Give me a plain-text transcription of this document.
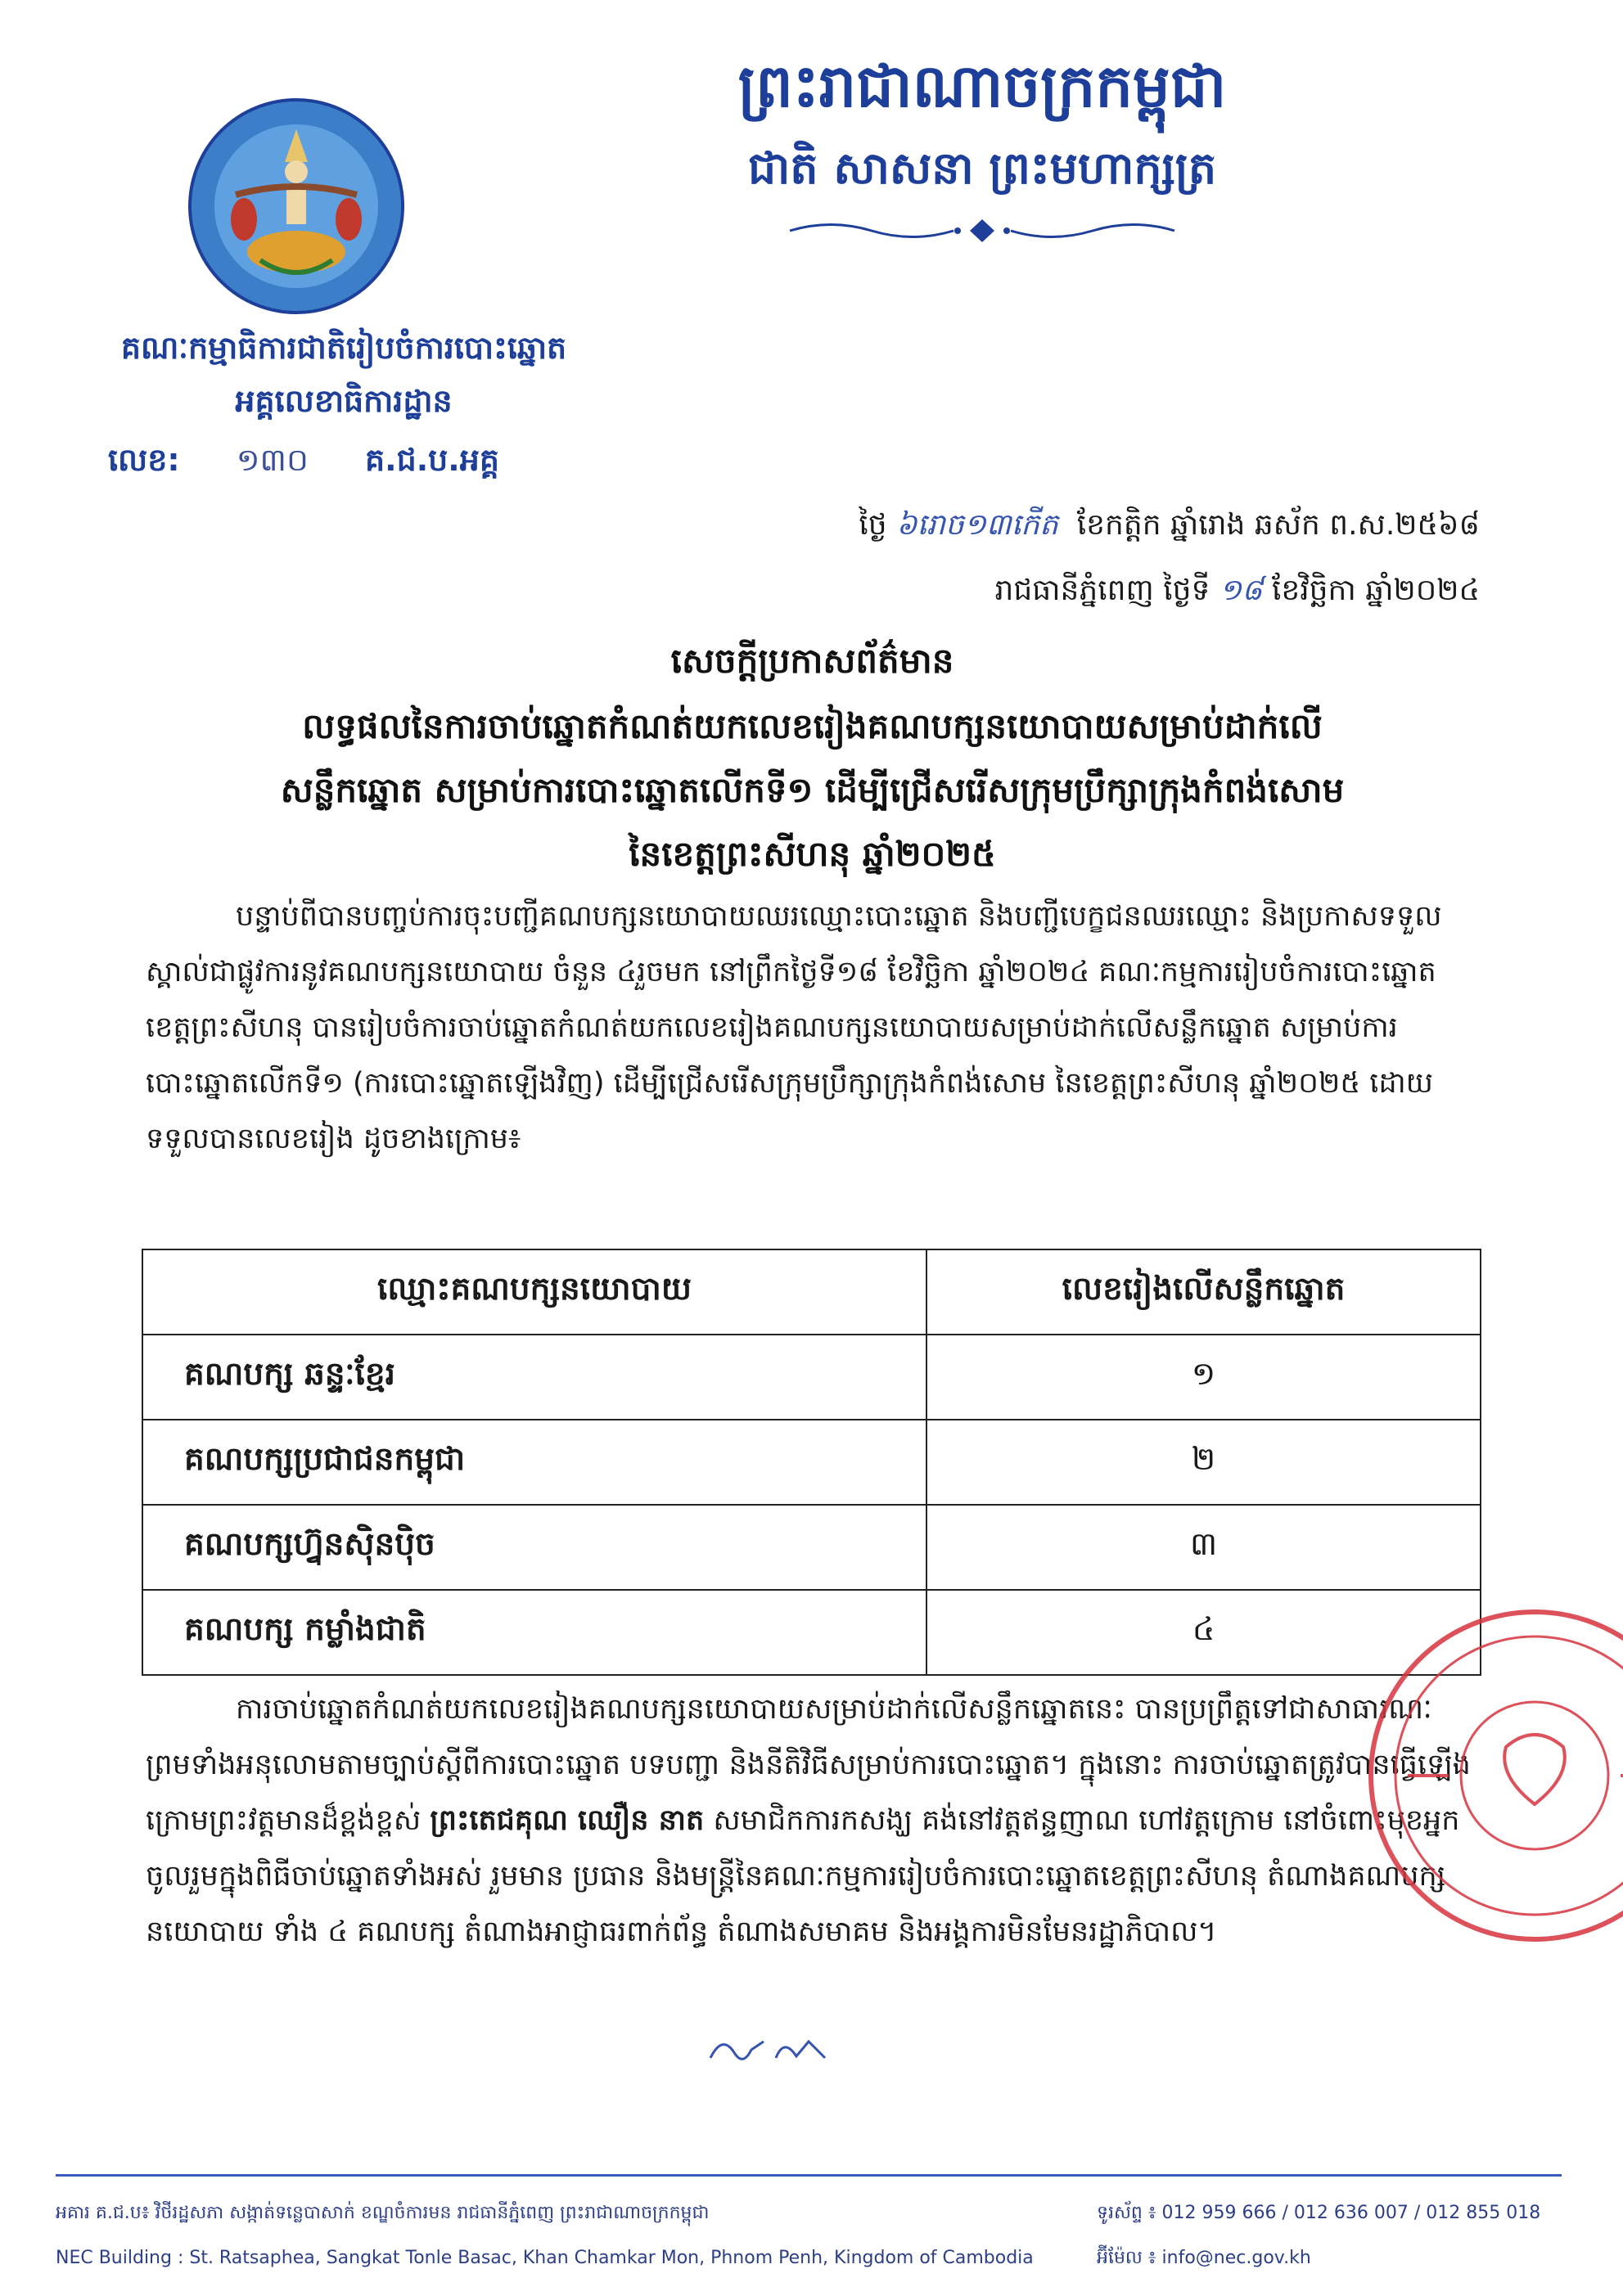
ព្រះរាជាណាចក្រកម្ពុជា
ជាតិ សាសនា ព្រះមហាក្សត្រ
គណៈកម្មាធិការជាតិរៀបចំការបោះឆ្នោត
អគ្គលេខាធិការដ្ឋាន
លេខ: ១៣០ គ.ជ.ប.អគ្គ
ថ្ងៃ ៦រោច១៣កើត ខែកត្តិក ឆ្នាំរោង ឆស័ក ព.ស.២៥៦៨
រាជធានីភ្នំពេញ ថ្ងៃទី ១៨ ខែវិច្ឆិកា ឆ្នាំ២០២៤
សេចក្តីប្រកាសព័ត៌មាន
លទ្ធផលនៃការចាប់ឆ្នោតកំណត់យកលេខរៀងគណបក្សនយោបាយសម្រាប់ដាក់លើ
សន្លឹកឆ្នោត សម្រាប់ការបោះឆ្នោតលើកទី១ ដើម្បីជ្រើសរើសក្រុមប្រឹក្សាក្រុងកំពង់សោម
នៃខេត្តព្រះសីហនុ ឆ្នាំ២០២៥

បន្ទាប់ពីបានបញ្ចប់ការចុះបញ្ជីគណបក្សនយោបាយឈរឈ្មោះបោះឆ្នោត និងបញ្ជីបេក្ខជនឈរឈ្មោះ និងប្រកាសទទួលស្គាល់ជាផ្លូវការនូវគណបក្សនយោបាយ ចំនួន ៤រួចមក នៅព្រឹកថ្ងៃទី១៨ ខែវិច្ឆិកា ឆ្នាំ២០២៤ គណៈកម្មការរៀបចំការបោះឆ្នោតខេត្តព្រះសីហនុ បានរៀបចំការចាប់ឆ្នោតកំណត់យកលេខរៀងគណបក្សនយោបាយសម្រាប់ដាក់លើសន្លឹកឆ្នោត សម្រាប់ការបោះឆ្នោតលើកទី១ (ការបោះឆ្នោតឡើងវិញ) ដើម្បីជ្រើសរើសក្រុមប្រឹក្សាក្រុងកំពង់សោម នៃខេត្តព្រះសីហនុ ឆ្នាំ២០២៥ ដោយទទួលបានលេខរៀង ដូចខាងក្រោម៖

ឈ្មោះគណបក្សនយោបាយ	លេខរៀងលើសន្លឹកឆ្នោត
គណបក្ស ឆន្ទៈខ្មែរ	១
គណបក្សប្រជាជនកម្ពុជា	២
គណបក្សហ្វ៊ុនស៊ិនប៉ិច	៣
គណបក្ស កម្លាំងជាតិ	៤

ការចាប់ឆ្នោតកំណត់យកលេខរៀងគណបក្សនយោបាយសម្រាប់ដាក់លើសន្លឹកឆ្នោតនេះ បានប្រព្រឹត្តទៅជាសាធារណៈ ព្រមទាំងអនុលោមតាមច្បាប់ស្តីពីការបោះឆ្នោត បទបញ្ជា និងនីតិវិធីសម្រាប់ការបោះឆ្នោត។ ក្នុងនោះ ការចាប់ឆ្នោតត្រូវបានធ្វើឡើងក្រោមព្រះវត្តមានដ៏ខ្ពង់ខ្ពស់ ព្រះតេជគុណ ឈឿន នាត សមាជិកការកសង្ឃ គង់នៅវត្តឥន្ទញាណ ហៅវត្តក្រោម នៅចំពោះមុខអ្នកចូលរួមក្នុងពិធីចាប់ឆ្នោតទាំងអស់ រួមមាន ប្រធាន និងមន្ត្រីនៃគណៈកម្មការរៀបចំការបោះឆ្នោតខេត្តព្រះសីហនុ តំណាងគណបក្សនយោបាយ ទាំង ៤ គណបក្ស តំណាងអាជ្ញាធរពាក់ព័ន្ធ តំណាងសមាគម និងអង្គការមិនមែនរដ្ឋាភិបាល។

អគារ គ.ជ.ប៖ វិថីរដ្ឋសភា សង្កាត់ទន្លេបាសាក់ ខណ្ឌចំការមន រាជធានីភ្នំពេញ ព្រះរាជាណាចក្រកម្ពុជា
NEC Building : St. Ratsaphea, Sangkat Tonle Basac, Khan Chamkar Mon, Phnom Penh, Kingdom of Cambodia
ទូរស័ព្ទ ៖ 012 959 666 / 012 636 007 / 012 855 018
អ៊ីម៉ែល ៖ info@nec.gov.kh
